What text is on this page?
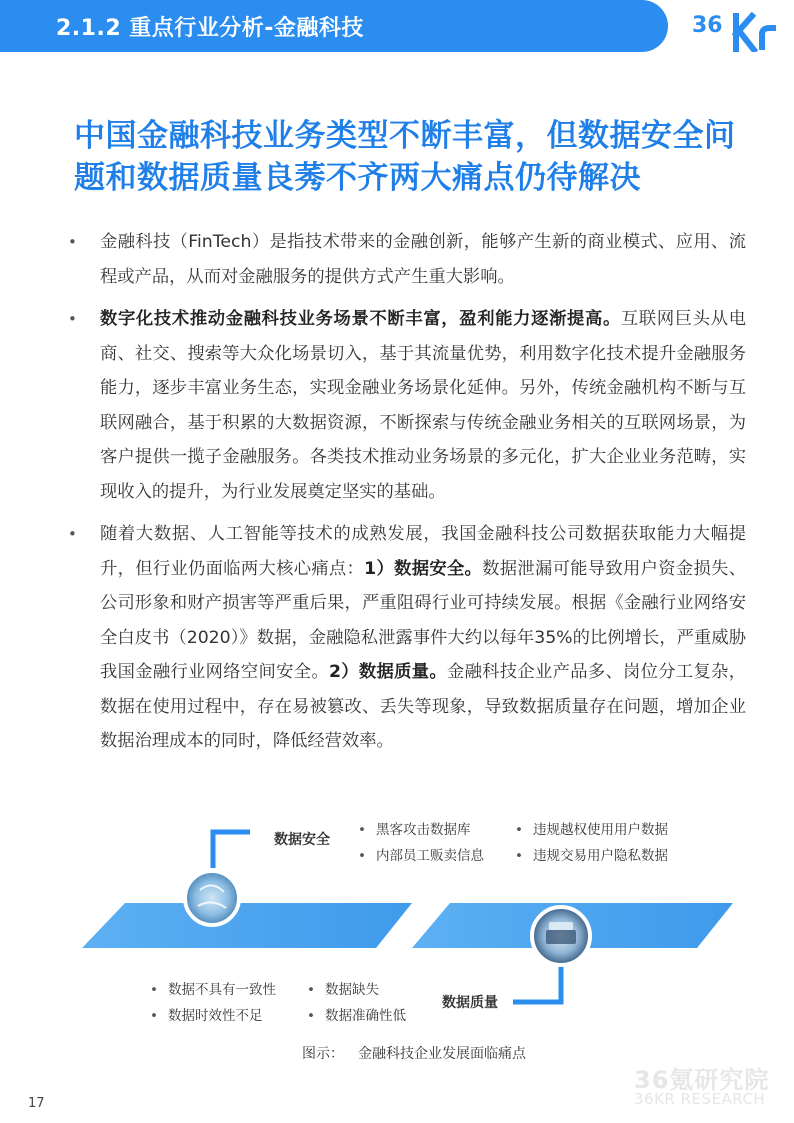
2.1.2 重点行业分析-金融科技	36
中国金融科技业务类型不断丰富，但数据安全问题和数据质量良莠不齐两大痛点仍待解决

• 金融科技（FinTech）是指技术带来的金融创新，能够产生新的商业模式、应用、流程或产品，从而对金融服务的提供方式产生重大影响。

• 数字化技术推动金融科技业务场景不断丰富，盈利能力逐渐提高。互联网巨头从电商、社交、搜索等大众化场景切入，基于其流量优势，利用数字化技术提升金融服务能力，逐步丰富业务生态，实现金融业务场景化延伸。另外，传统金融机构不断与互联网融合，基于积累的大数据资源，不断探索与传统金融业务相关的互联网场景，为客户提供一揽子金融服务。各类技术推动业务场景的多元化，扩大企业业务范畴，实现收入的提升，为行业发展奠定坚实的基础。

• 随着大数据、人工智能等技术的成熟发展，我国金融科技公司数据获取能力大幅提升，但行业仍面临两大核心痛点：1）数据安全。数据泄漏可能导致用户资金损失、公司形象和财产损害等严重后果，严重阻碍行业可持续发展。根据《金融行业网络安全白皮书（2020）》数据，金融隐私泄露事件大约以每年35%的比例增长，严重威胁我国金融行业网络空间安全。2）数据质量。金融科技企业产品多、岗位分工复杂，数据在使用过程中，存在易被篡改、丢失等现象，导致数据质量存在问题，增加企业数据治理成本的同时，降低经营效率。

数据安全
• 黑客攻击数据库	• 违规越权使用用户数据
• 内部员工贩卖信息	• 违规交易用户隐私数据
数据质量
• 数据不具有一致性	• 数据缺失
• 数据时效性不足	• 数据准确性低
图示： 金融科技企业发展面临痛点
17
36氪研究院
36KR RESEARCH
